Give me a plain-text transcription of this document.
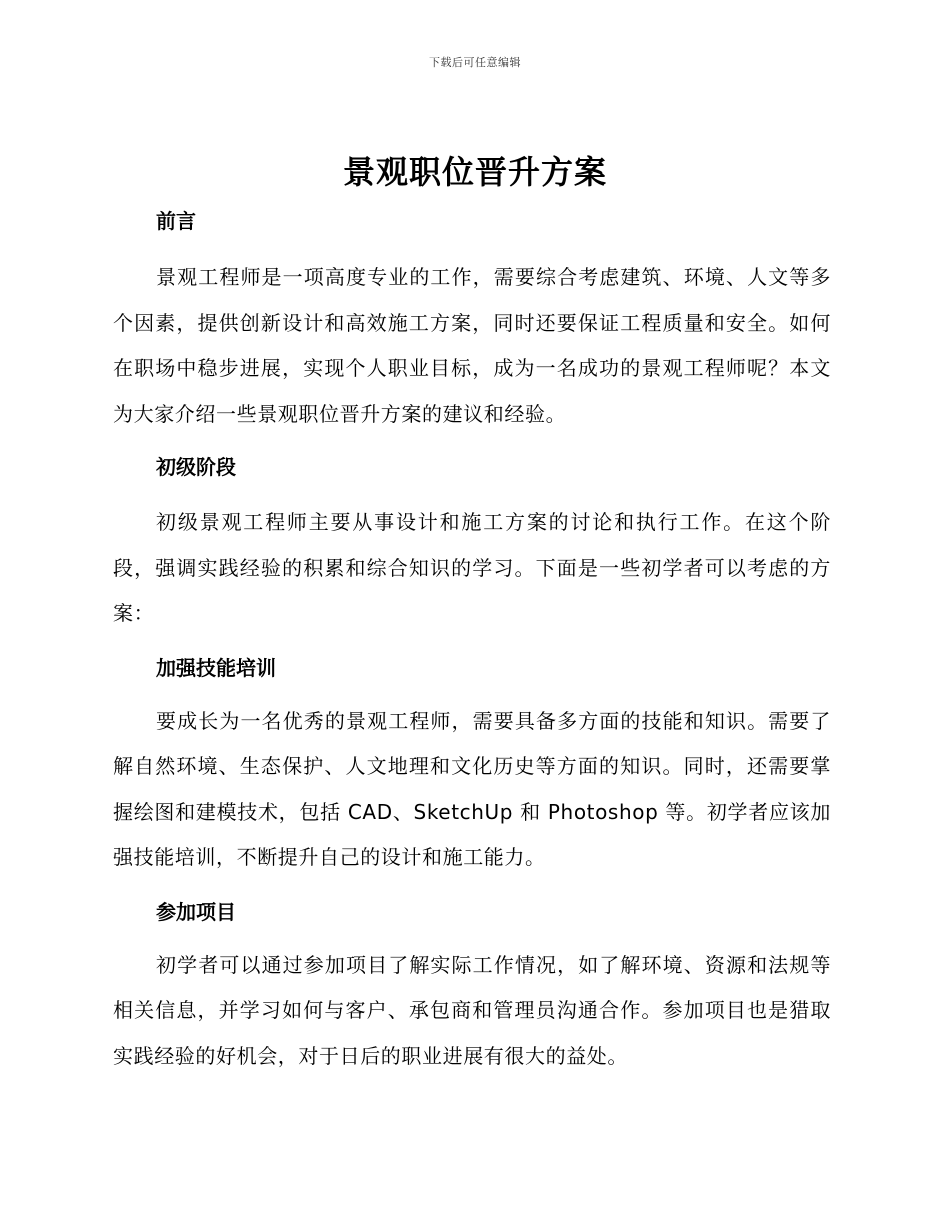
下载后可任意编辑
景观职位晋升方案
前言

景观工程师是一项高度专业的工作，需要综合考虑建筑、环境、人文等多个因素，提供创新设计和高效施工方案，同时还要保证工程质量和安全。如何在职场中稳步进展，实现个人职业目标，成为一名成功的景观工程师呢？本文为大家介绍一些景观职位晋升方案的建议和经验。

初级阶段

初级景观工程师主要从事设计和施工方案的讨论和执行工作。在这个阶段，强调实践经验的积累和综合知识的学习。下面是一些初学者可以考虑的方案：

加强技能培训

要成长为一名优秀的景观工程师，需要具备多方面的技能和知识。需要了解自然环境、生态保护、人文地理和文化历史等方面的知识。同时，还需要掌握绘图和建模技术，包括 CAD、SketchUp 和 Photoshop 等。初学者应该加强技能培训，不断提升自己的设计和施工能力。

参加项目

初学者可以通过参加项目了解实际工作情况，如了解环境、资源和法规等相关信息，并学习如何与客户、承包商和管理员沟通合作。参加项目也是猎取实践经验的好机会，对于日后的职业进展有很大的益处。
